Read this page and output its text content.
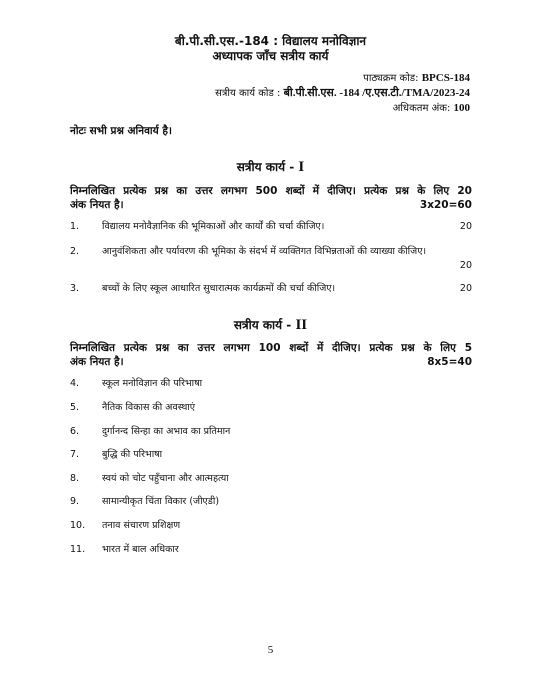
बी.पी.सी.एस.-184 : विद्यालय मनोविज्ञान
अध्यापक जाँच सत्रीय कार्य
पाठ्यक्रम कोड: BPCS-184
सत्रीय कार्य कोड : बी.पी.सी.एस. -184 /ए.एस.टी./TMA/2023-24
अधिकतम अंक: 100
नोटः सभी प्रश्न अनिवार्य है।
सत्रीय कार्य - I
निम्नलिखित प्रत्येक प्रश्न का उत्तर लगभग 500 शब्दों में दीजिए। प्रत्येक प्रश्न के लिए 20
अंक नियत है।	3x20=60
1.	विद्यालय मनोवैज्ञानिक की भूमिकाओं और कार्यों की चर्चा कीजिए।	20
2.	आनुवंशिकता और पर्यावरण की भूमिका के संदर्भ में व्यक्तिगत विभिन्नताओं की व्याख्या कीजिए।
20
3.	बच्चों के लिए स्कूल आधारित सुधारात्मक कार्यक्रमों की चर्चा कीजिए।	20
सत्रीय कार्य - II
निम्नलिखित प्रत्येक प्रश्न का उत्तर लगभग 100 शब्दों में दीजिए। प्रत्येक प्रश्न के लिए 5
अंक नियत है।	8x5=40
4.	स्कूल मनोविज्ञान की परिभाषा
5.	नैतिक विकास की अवस्थाएं
6.	दुर्गानन्द सिन्हा का अभाव का प्रतिमान
7.	बुद्धि की परिभाषा
8.	स्वयं को चोट पहुँचाना और आत्महत्या
9.	सामान्यीकृत चिंता विकार (जीएडी)
10.	तनाव संचारण प्रशिक्षण
11.	भारत में बाल अधिकार
5
